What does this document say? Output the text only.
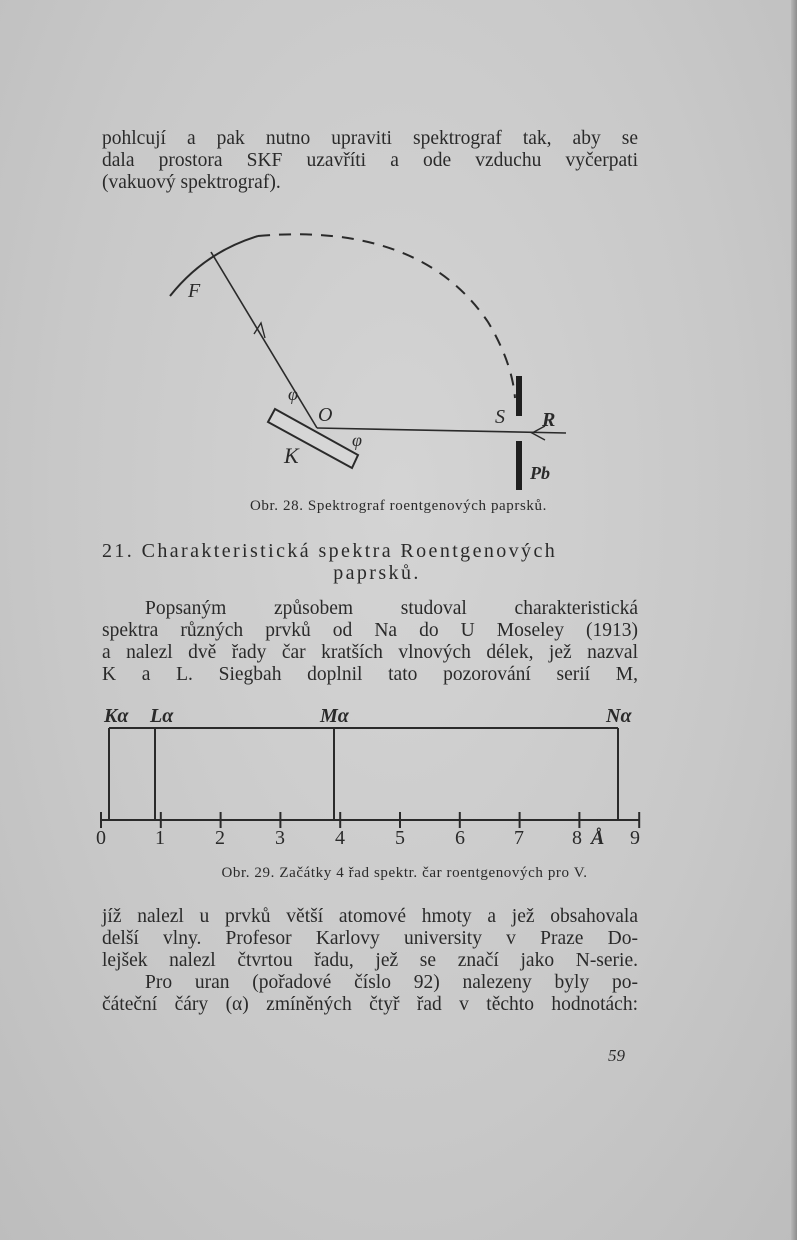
pohlcují a pak nutno upraviti spektrograf tak, aby se
dala prostora SKF uzavříti a ode vzduchu vyčerpati
(vakuový spektrograf).

F
φ
O
φ
K
S R
Pb
Obr. 28. Spektrograf roentgenových paprsků.
21. Charakteristická spektra Roentgenových
paprsků.

Popsaným způsobem studoval charakteristická
spektra různých prvků od Na do U Moseley (1913)
a nalezl dvě řady čar kratších vlnových délek, jež nazval
K a L. Siegbah doplnil tato pozorování serií M,

Kα Lα	Mα	Nα
0 1	2	3	4	5	6 7 8 Å 9
Obr. 29. Začátky 4 řad spektr. čar roentgenových pro V.

jíž nalezl u prvků větší atomové hmoty a jež obsahovala
delší vlny. Profesor Karlovy university v Praze Do-
lejšek nalezl čtvrtou řadu, jež se značí jako N-serie.
Pro uran (pořadové číslo 92) nalezeny byly po-
čáteční čáry (α) zmíněných čtyř řad v těchto hodnotách:

59
